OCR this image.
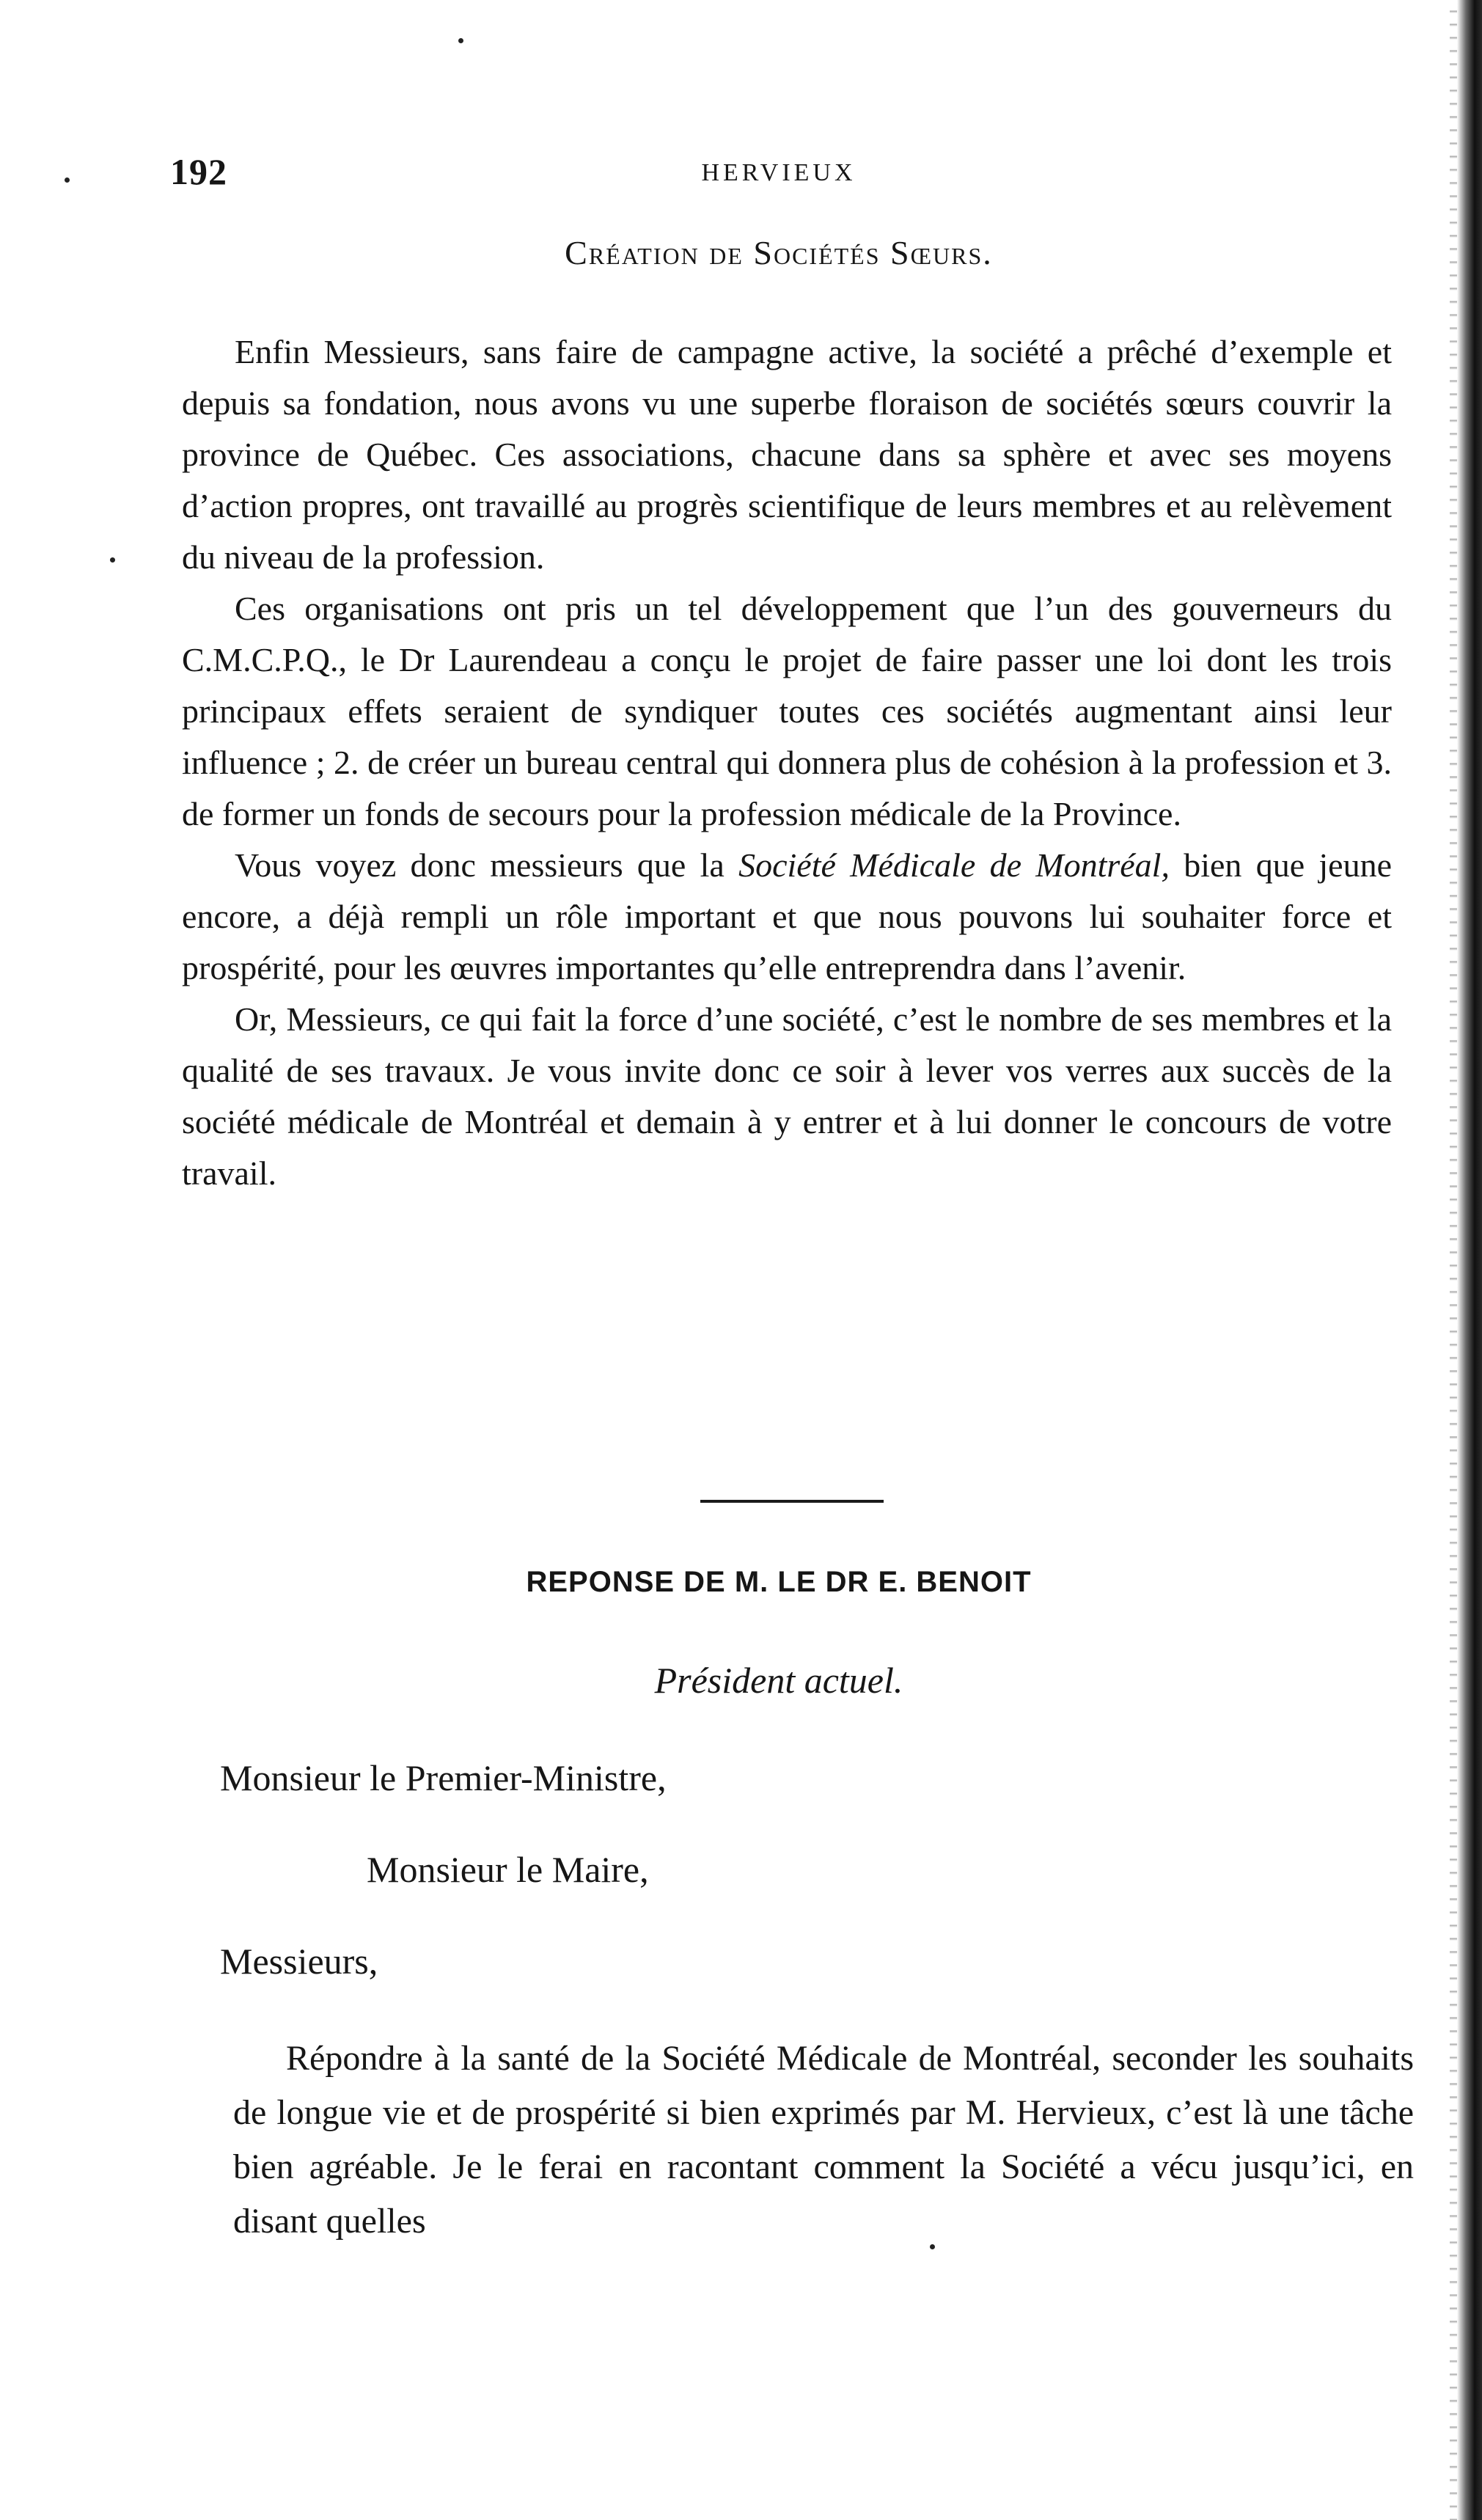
192	HERVIEUX
Création de Sociétés Sœurs.

Enfin Messieurs, sans faire de campagne active, la société a prêché d’exemple et depuis sa fondation, nous avons vu une superbe floraison de sociétés sœurs couvrir la province de Québec. Ces associations, chacune dans sa sphère et avec ses moyens d’action propres, ont travaillé au progrès scientifique de leurs membres et au relèvement du niveau de la profession.

Ces organisations ont pris un tel développement que l’un des gouverneurs du C.M.C.P.Q., le Dr Laurendeau a conçu le projet de faire passer une loi dont les trois principaux effets seraient de syndiquer toutes ces sociétés augmentant ainsi leur influence ; 2. de créer un bureau central qui donnera plus de cohésion à la profession et 3. de former un fonds de secours pour la profession médicale de la Province.

Vous voyez donc messieurs que la Société Médicale de Montréal, bien que jeune encore, a déjà rempli un rôle important et que nous pouvons lui souhaiter force et prospérité, pour les œuvres importantes qu’elle entreprendra dans l’avenir.

Or, Messieurs, ce qui fait la force d’une société, c’est le nombre de ses membres et la qualité de ses travaux. Je vous invite donc ce soir à lever vos verres aux succès de la société médicale de Montréal et demain à y entrer et à lui donner le concours de votre travail.

REPONSE DE M. LE DR E. BENOIT
Président actuel.
Monsieur le Premier-Ministre,
Monsieur le Maire,
Messieurs,

Répondre à la santé de la Société Médicale de Montréal, seconder les souhaits de longue vie et de prospérité si bien exprimés par M. Hervieux, c’est là une tâche bien agréable. Je le ferai en racontant comment la Société a vécu jusqu’ici, en disant quelles
